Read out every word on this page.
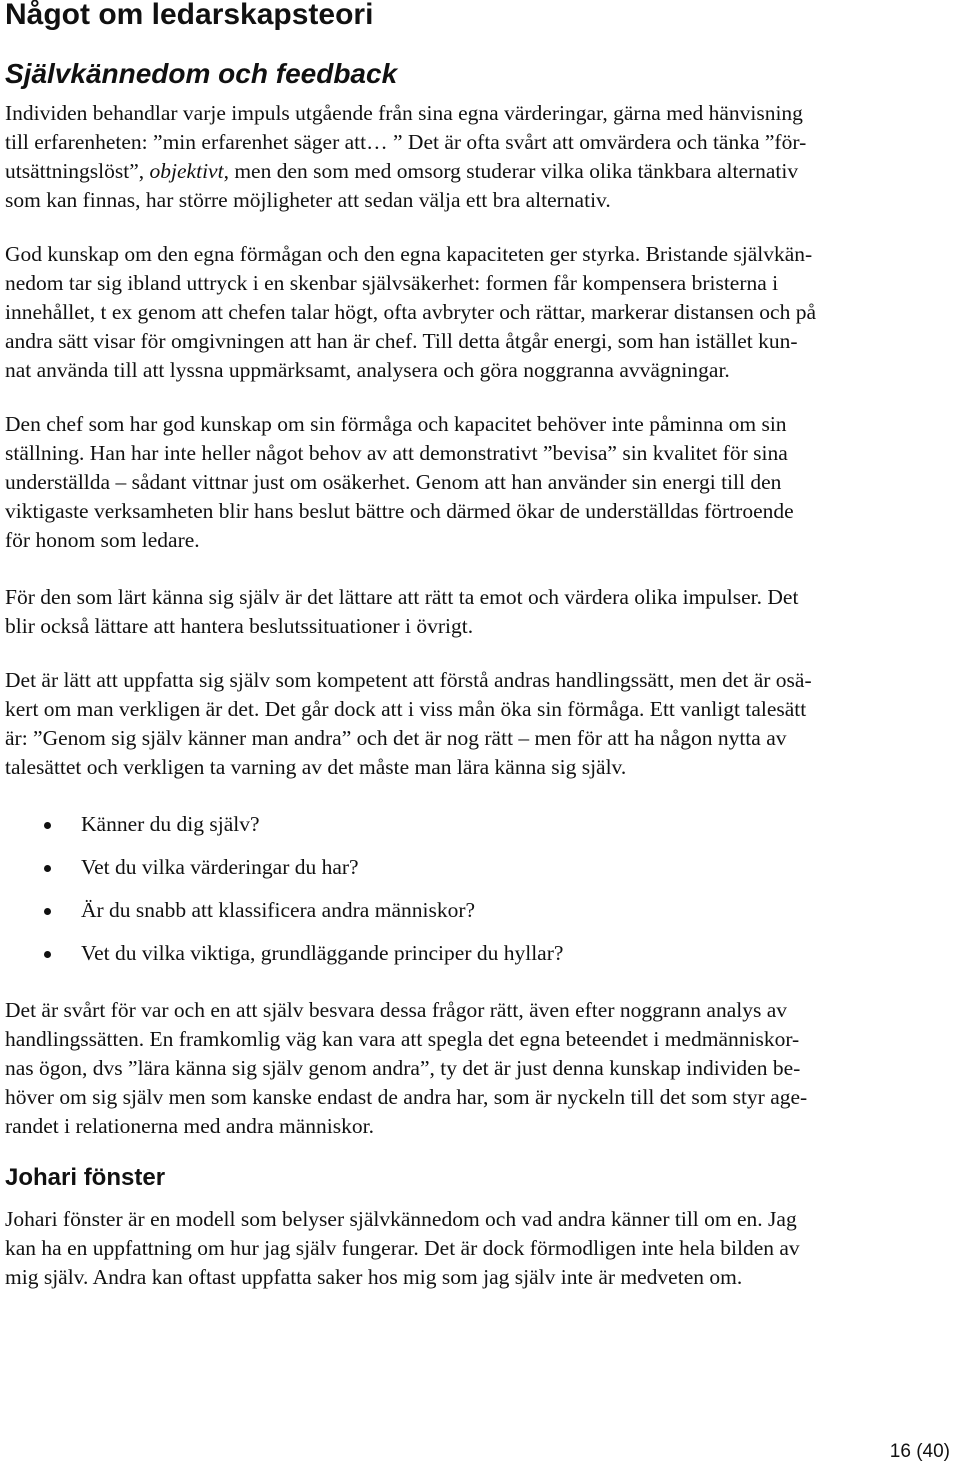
Något om ledarskapsteori
Självkännedom och feedback
Individen behandlar varje impuls utgående från sina egna värderingar, gärna med hänvisning
till erfarenheten: ”min erfarenhet säger att… ” Det är ofta svårt att omvärdera och tänka ”för-
utsättningslöst”, objektivt, men den som med omsorg studerar vilka olika tänkbara alternativ
som kan finnas, har större möjligheter att sedan välja ett bra alternativ.
God kunskap om den egna förmågan och den egna kapaciteten ger styrka. Bristande självkän-
nedom tar sig ibland uttryck i en skenbar självsäkerhet: formen får kompensera bristerna i
innehållet, t ex genom att chefen talar högt, ofta avbryter och rättar, markerar distansen och på
andra sätt visar för omgivningen att han är chef. Till detta åtgår energi, som han istället kun-
nat använda till att lyssna uppmärksamt, analysera och göra noggranna avvägningar.
Den chef som har god kunskap om sin förmåga och kapacitet behöver inte påminna om sin
ställning. Han har inte heller något behov av att demonstrativt ”bevisa” sin kvalitet för sina
underställda – sådant vittnar just om osäkerhet. Genom att han använder sin energi till den
viktigaste verksamheten blir hans beslut bättre och därmed ökar de underställdas förtroende
för honom som ledare.
För den som lärt känna sig själv är det lättare att rätt ta emot och värdera olika impulser. Det
blir också lättare att hantera beslutssituationer i övrigt.
Det är lätt att uppfatta sig själv som kompetent att förstå andras handlingssätt, men det är osä-
kert om man verkligen är det. Det går dock att i viss mån öka sin förmåga. Ett vanligt talesätt
är: ”Genom sig själv känner man andra” och det är nog rätt – men för att ha någon nytta av
talesättet och verkligen ta varning av det måste man lära känna sig själv.
Känner du dig själv?
Vet du vilka värderingar du har?
Är du snabb att klassificera andra människor?
Vet du vilka viktiga, grundläggande principer du hyllar?
Det är svårt för var och en att själv besvara dessa frågor rätt, även efter noggrann analys av
handlingssätten. En framkomlig väg kan vara att spegla det egna beteendet i medmänniskor-
nas ögon, dvs ”lära känna sig själv genom andra”, ty det är just denna kunskap individen be-
höver om sig själv men som kanske endast de andra har, som är nyckeln till det som styr age-
randet i relationerna med andra människor.
Johari fönster
Johari fönster är en modell som belyser självkännedom och vad andra känner till om en. Jag
kan ha en uppfattning om hur jag själv fungerar. Det är dock förmodligen inte hela bilden av
mig själv. Andra kan oftast uppfatta saker hos mig som jag själv inte är medveten om.
16 (40)
